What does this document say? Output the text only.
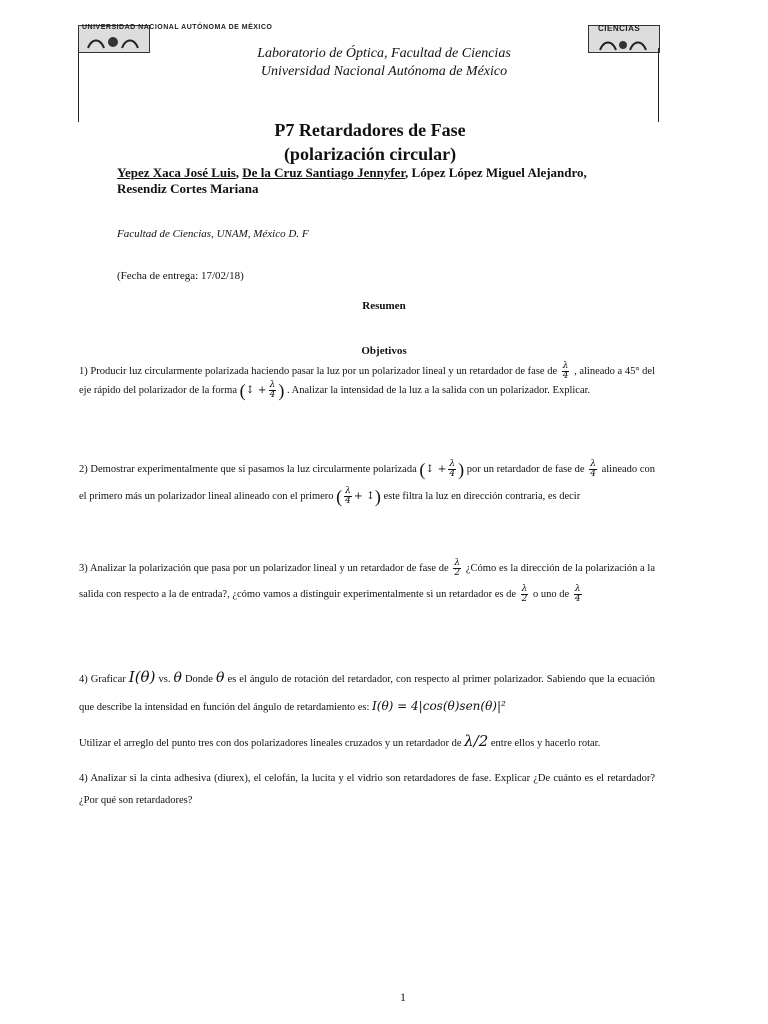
UNIVERSIDAD NACIONAL AUTÓNOMA DE MÉXICO	CIENCIAS
Laboratorio de Óptica, Facultad de Ciencias
Universidad Nacional Autónoma de México
P7 Retardadores de Fase
(polarización circular)
Yepez Xaca José Luis, De la Cruz Santiago Jennyfer, López López Miguel Alejandro, Resendiz Cortes Mariana
Facultad de Ciencias, UNAM, México D. F
(Fecha de entrega: 17/02/18)
Resumen
Objetivos
1) Producir luz circularmente polarizada haciendo pasar la luz por un polarizador lineal y un retardador de fase de $\frac{\lambda}{4}$ , alineado a 45° del eje rápido del polarizador de la forma (↕ + $\frac{\lambda}{4}$ ) . Analizar la intensidad de la luz a la salida con un polarizador. Explicar.
2) Demostrar experimentalmente que si pasamos la luz circularmente polarizada (↕ + $\frac{\lambda}{4}$ ) por un retardador de fase de $\frac{\lambda}{4}$ alineado con el primero más un polarizador lineal alineado con el primero ( $\frac{\lambda}{4}$ + ↕) este filtra la luz en dirección contraria, es decir
3) Analizar la polarización que pasa por un polarizador lineal y un retardador de fase de $\frac{\lambda}{2}$ ¿Cómo es la dirección de la polarización a la salida con respecto a la de entrada?, ¿cómo vamos a distinguir experimentalmente si un retardador es de $\frac{\lambda}{2}$ o uno de $\frac{\lambda}{4}$
4) Graficar I(θ) vs. θ Donde θ es el ángulo de rotación del retardador, con respecto al primer polarizador. Sabiendo que la ecuación que describe la intensidad en función del ángulo de retardamiento es: I(θ) = 4|cos(θ)sen(θ)|²
Utilizar el arreglo del punto tres con dos polarizadores lineales cruzados y un retardador de λ/2 entre ellos y hacerlo rotar.
4) Analizar si la cinta adhesiva (diurex), el celofán, la lucita y el vidrio son retardadores de fase. Explicar ¿De cuánto es el retardador? ¿Por qué son retardadores?
1
